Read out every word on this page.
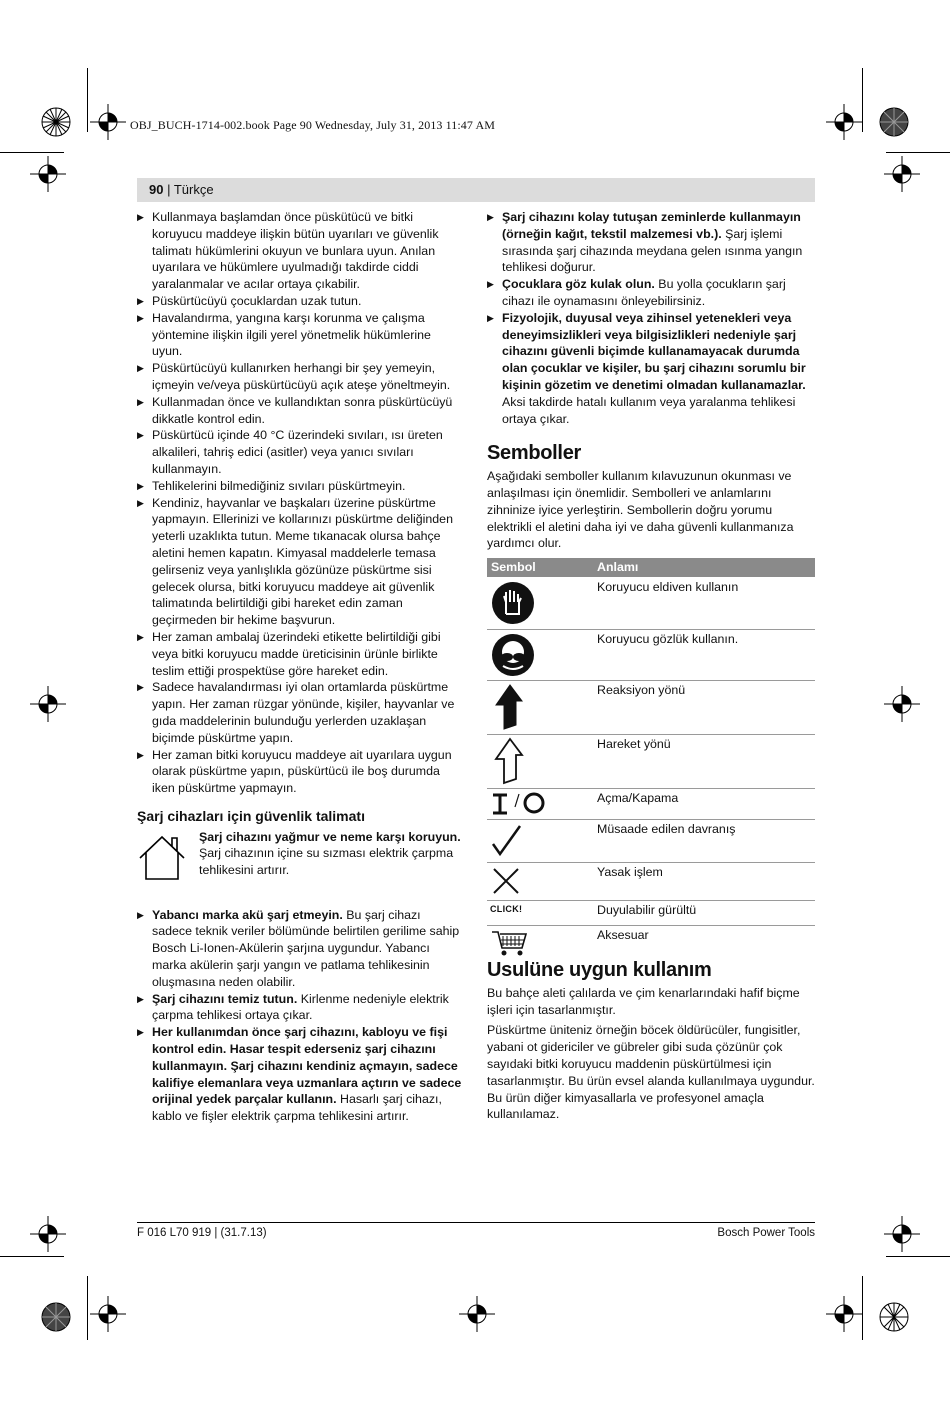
OBJ_BUCH-1714-002.book Page 90 Wednesday, July 31, 2013 11:47 AM
90 | Türkçe

▶ Kullanmaya başlamdan önce püskütücü ve bitki koruyucu maddeye ilişkin bütün uyarıları ve güvenlik talimatı hükümlerini okuyun ve bunlara uyun. Anılan uyarılara ve hükümlere uyulmadığı takdirde ciddi yaralanmalar ve acılar ortaya çıkabilir.

▶ Püskürtücüyü çocuklardan uzak tutun.

▶ Havalandırma, yangına karşı korunma ve çalışma yöntemine ilişkin ilgili yerel yönetmelik hükümlerine uyun.

▶ Püskürtücüyü kullanırken herhangi bir şey yemeyin, içmeyin ve/veya püskürtücüyü açık ateşe yöneltmeyin.

▶ Kullanmadan önce ve kullandıktan sonra püskürtücüyü dikkatle kontrol edin.

▶ Püskürtücü içinde 40 °C üzerindeki sıvıları, ısı üreten alkalileri, tahriş edici (asitler) veya yanıcı sıvıları kullanmayın.

▶ Tehlikelerini bilmediğiniz sıvıları püskürtmeyin.

▶ Kendiniz, hayvanlar ve başkaları üzerine püskürtme yapmayın. Ellerinizi ve kollarınızı püskürtme deliğinden yeterli uzaklıkta tutun. Meme tıkanacak olursa bahçe aletini hemen kapatın. Kimyasal maddelerle temasa gelirseniz veya yanlışlıkla gözünüze püskürtme sisi gelecek olursa, bitki koruyucu maddeye ait güvenlik talimatında belirtildiği gibi hareket edin zaman geçirmeden bir hekime başvurun.

▶ Her zaman ambalaj üzerindeki etikette belirtildiği gibi veya bitki koruyucu madde üreticisinin ürünle birlikte teslim ettiği prospektüse göre hareket edin.

▶ Sadece havalandırması iyi olan ortamlarda püskürtme yapın. Her zaman rüzgar yönünde, kişiler, hayvanlar ve gıda maddelerinin bulunduğu yerlerden uzaklaşan biçimde püskürtme yapın.

▶ Her zaman bitki koruyucu maddeye ait uyarılara uygun olarak püskürtme yapın, püskürtücü ile boş durumda iken püskürtme yapmayın.

Şarj cihazları için güvenlik talimatı

Şarj cihazını yağmur ve neme karşı koruyun. Şarj cihazının içine su sızması elektrik çarpma tehlikesini artırır.

▶ Yabancı marka akü şarj etmeyin. Bu şarj cihazı sadece teknik veriler bölümünde belirtilen gerilime sahip Bosch Li-Ionen-Akülerin şarjına uygundur. Yabancı marka akülerin şarjı yangın ve patlama tehlikesinin oluşmasına neden olabilir.

▶ Şarj cihazını temiz tutun. Kirlenme nedeniyle elektrik çarpma tehlikesi ortaya çıkar.

▶ Her kullanımdan önce şarj cihazını, kabloyu ve fişi kontrol edin. Hasar tespit ederseniz şarj cihazını kullanmayın. Şarj cihazını kendiniz açmayın, sadece kalifiye elemanlara veya uzmanlara açtırın ve sadece orijinal yedek parçalar kullanın. Hasarlı şarj cihazı, kablo ve fişler elektrik çarpma tehlikesini artırır.

▶ Şarj cihazını kolay tutuşan zeminlerde kullanmayın (örneğin kağıt, tekstil malzemesi vb.). Şarj işlemi sırasında şarj cihazında meydana gelen ısınma yangın tehlikesi doğurur.

▶ Çocuklara göz kulak olun. Bu yolla çocukların şarj cihazı ile oynamasını önleyebilirsiniz.

▶ Fizyolojik, duyusal veya zihinsel yetenekleri veya deneyimsizlikleri veya bilgisizlikleri nedeniyle şarj cihazını güvenli biçimde kullanamayacak durumda olan çocuklar ve kişiler, bu şarj cihazını sorumlu bir kişinin gözetim ve denetimi olmadan kullanamazlar. Aksi takdirde hatalı kullanım veya yaralanma tehlikesi ortaya çıkar.

Semboller

Aşağıdaki semboller kullanım kılavuzunun okunması ve anlaşılması için önemlidir. Sembolleri ve anlamlarını zihninize iyice yerleştirin. Sembollerin doğru yorumu elektrikli el aletini daha iyi ve daha güvenli kullanmanıza yardımcı olur.

Sembol	Anlamı
Koruyucu eldiven kullanın
Koruyucu gözlük kullanın.
Reaksiyon yönü
Hareket yönü
Açma/Kapama
Müsaade edilen davranış
Yasak işlem
CLICK!	Duyulabilir gürültü
Aksesuar
Usulüne uygun kullanım

Bu bahçe aleti çalılarda ve çim kenarlarındaki hafif biçme işleri için tasarlanmıştır.

Püskürtme üniteniz örneğin böcek öldürücüler, fungisitler, yabani ot gidericiler ve gübreler gibi suda çözünür çok sayıdaki bitki koruyucu maddenin püskürtülmesi için tasarlanmıştır. Bu ürün evsel alanda kullanılmaya uygundur. Bu ürün diğer kimyasallarla ve profesyonel amaçla kullanılamaz.

F 016 L70 919 | (31.7.13)	Bosch Power Tools
